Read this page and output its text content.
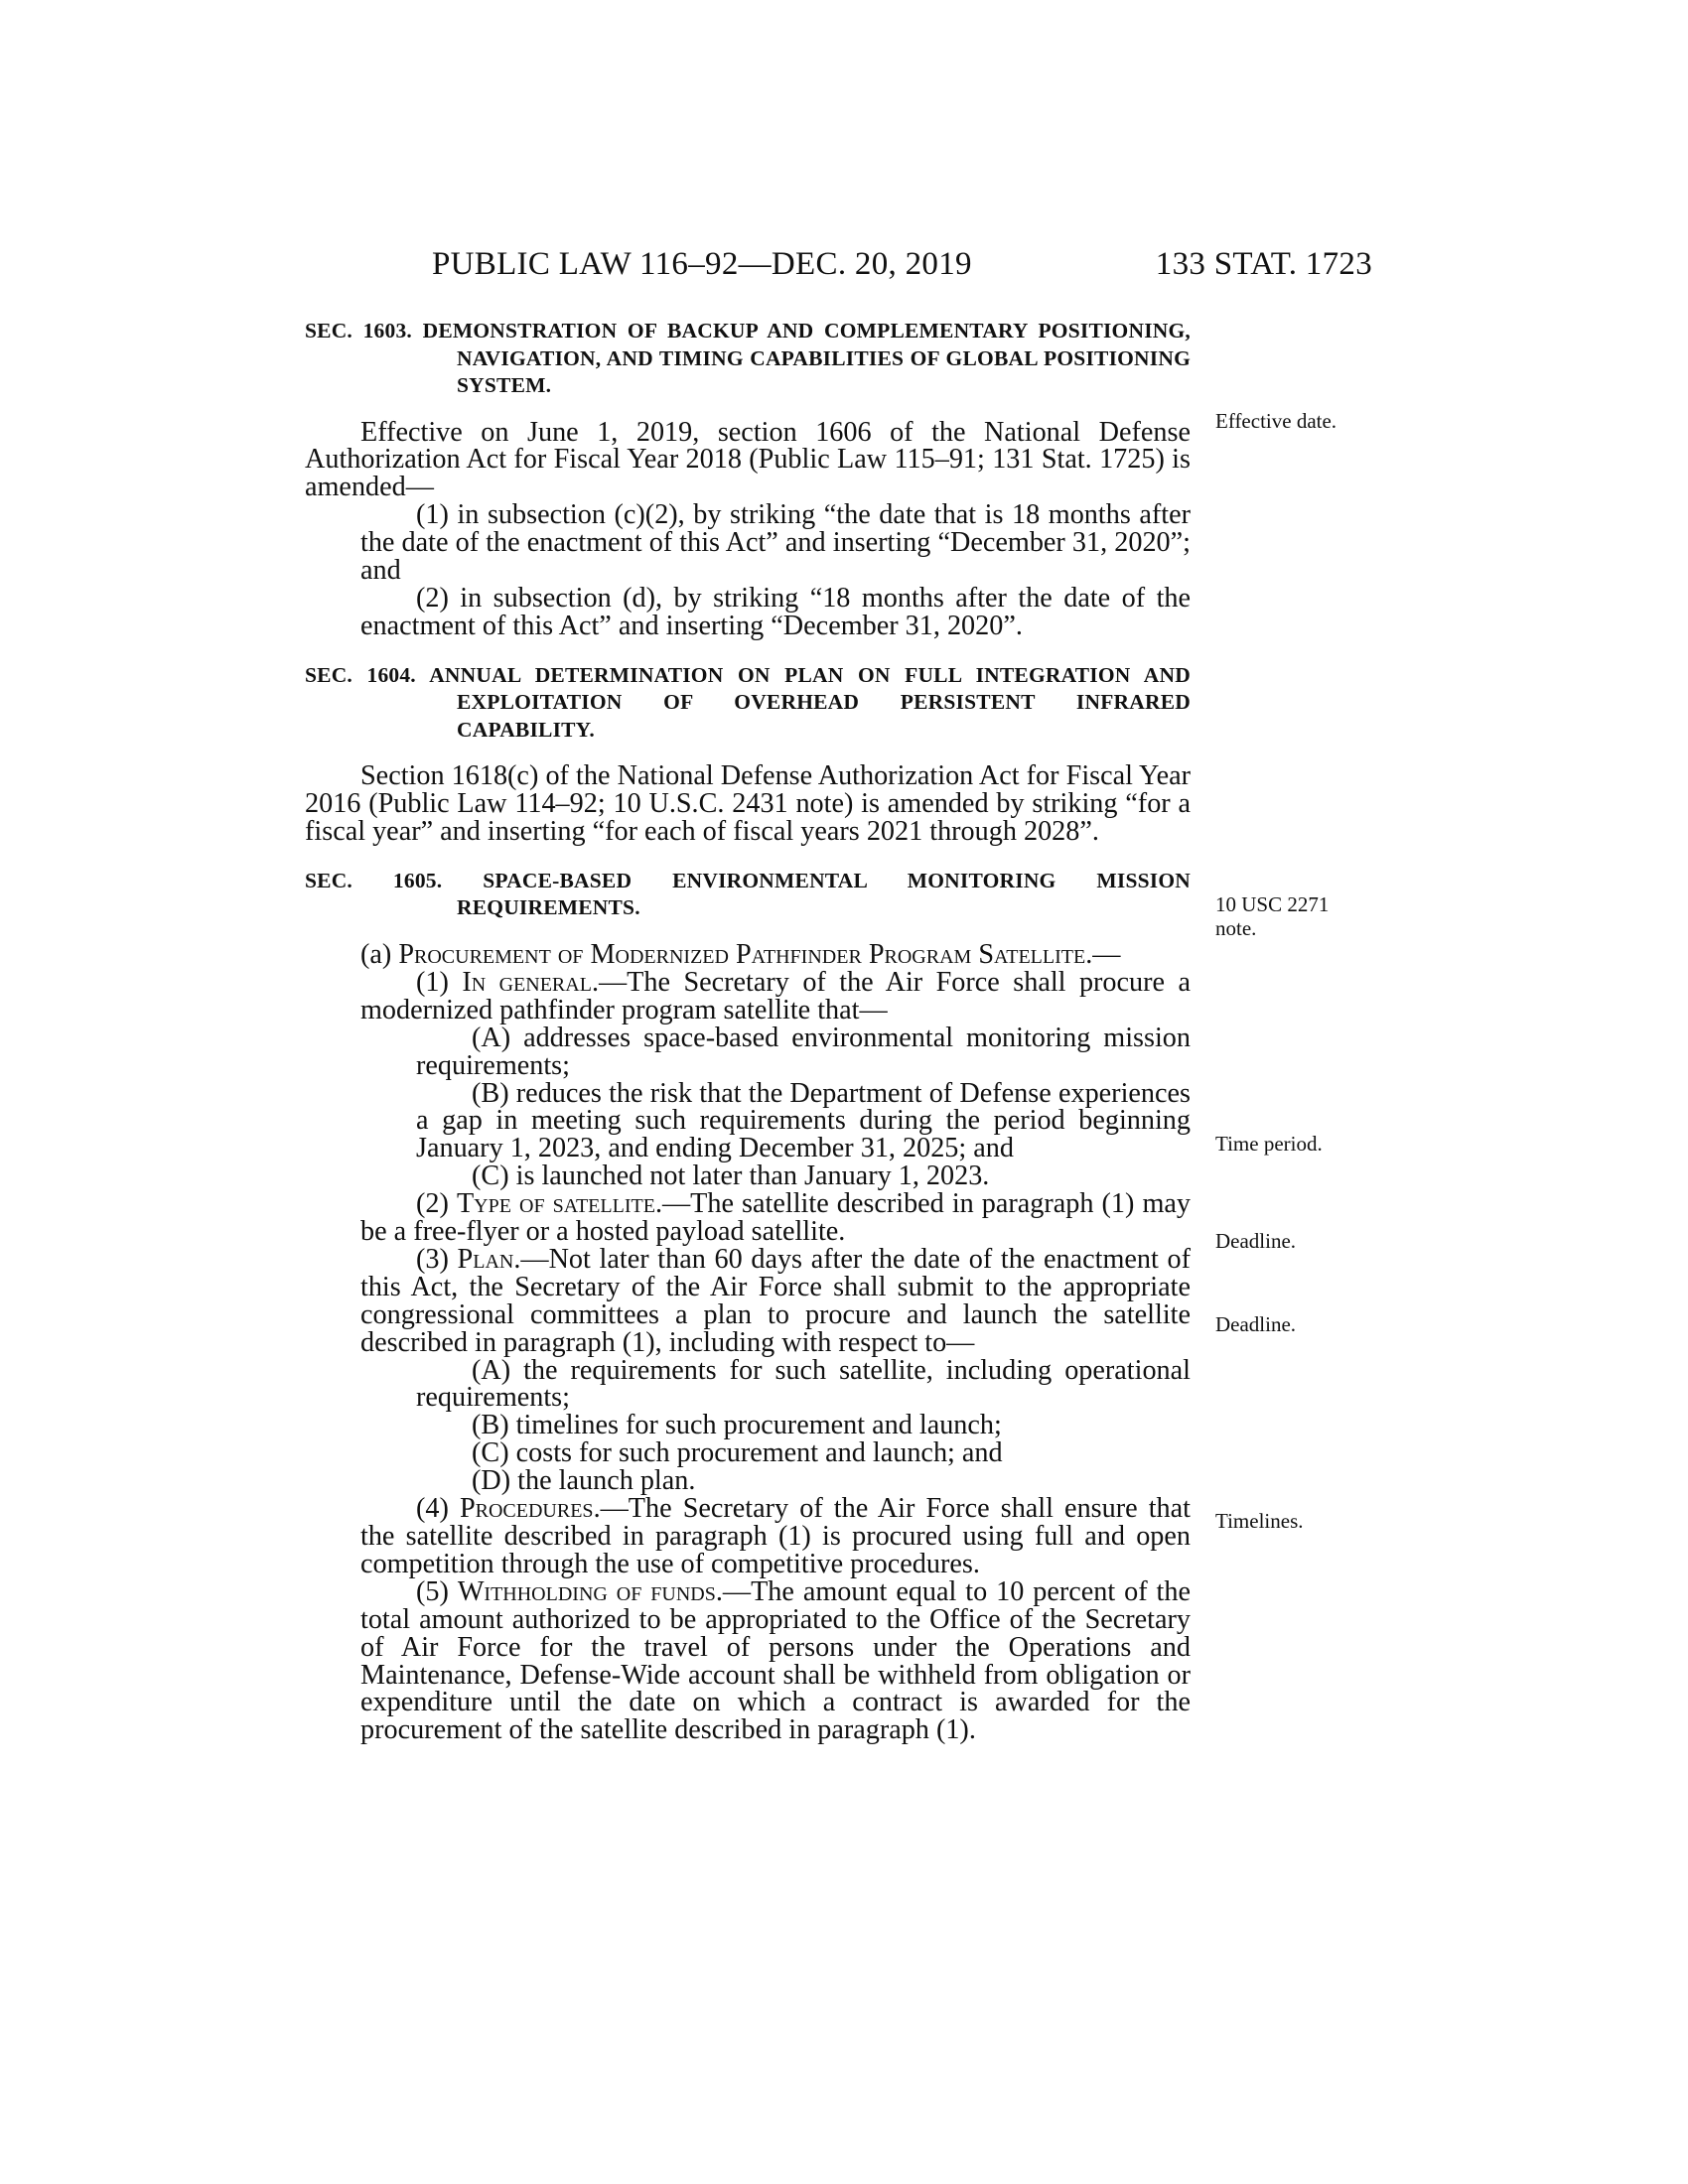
PUBLIC LAW 116–92—DEC. 20, 2019	133 STAT. 1723

SEC. 1603. DEMONSTRATION OF BACKUP AND COMPLEMENTARY POSITIONING, NAVIGATION, AND TIMING CAPABILITIES OF GLOBAL POSITIONING SYSTEM.

Effective on June 1, 2019, section 1606 of the National Defense Authorization Act for Fiscal Year 2018 (Public Law 115–91; 131 Stat. 1725) is amended—

(1) in subsection (c)(2), by striking “the date that is 18 months after the date of the enactment of this Act” and inserting “December 31, 2020”; and

(2) in subsection (d), by striking “18 months after the date of the enactment of this Act” and inserting “December 31, 2020”.

SEC. 1604. ANNUAL DETERMINATION ON PLAN ON FULL INTEGRATION AND EXPLOITATION OF OVERHEAD PERSISTENT INFRARED CAPABILITY.

Section 1618(c) of the National Defense Authorization Act for Fiscal Year 2016 (Public Law 114–92; 10 U.S.C. 2431 note) is amended by striking “for a fiscal year” and inserting “for each of fiscal years 2021 through 2028”.

SEC. 1605. SPACE-BASED ENVIRONMENTAL MONITORING MISSION REQUIREMENTS.

(a) Procurement of Modernized Pathfinder Program Satellite.—

(1) In general.—The Secretary of the Air Force shall procure a modernized pathfinder program satellite that—

(A) addresses space-based environmental monitoring mission requirements;

(B) reduces the risk that the Department of Defense experiences a gap in meeting such requirements during the period beginning January 1, 2023, and ending December 31, 2025; and

(C) is launched not later than January 1, 2023.

(2) Type of satellite.—The satellite described in paragraph (1) may be a free-flyer or a hosted payload satellite.

(3) Plan.—Not later than 60 days after the date of the enactment of this Act, the Secretary of the Air Force shall submit to the appropriate congressional committees a plan to procure and launch the satellite described in paragraph (1), including with respect to—

(A) the requirements for such satellite, including operational requirements;

(B) timelines for such procurement and launch;

(C) costs for such procurement and launch; and

(D) the launch plan.

(4) Procedures.—The Secretary of the Air Force shall ensure that the satellite described in paragraph (1) is procured using full and open competition through the use of competitive procedures.

(5) Withholding of funds.—The amount equal to 10 percent of the total amount authorized to be appropriated to the Office of the Secretary of Air Force for the travel of persons under the Operations and Maintenance, Defense-Wide account shall be withheld from obligation or expenditure until the date on which a contract is awarded for the procurement of the satellite described in paragraph (1).

Effective date.
10 USC 2271
note.
Time period.
Deadline.
Deadline.
Timelines.
